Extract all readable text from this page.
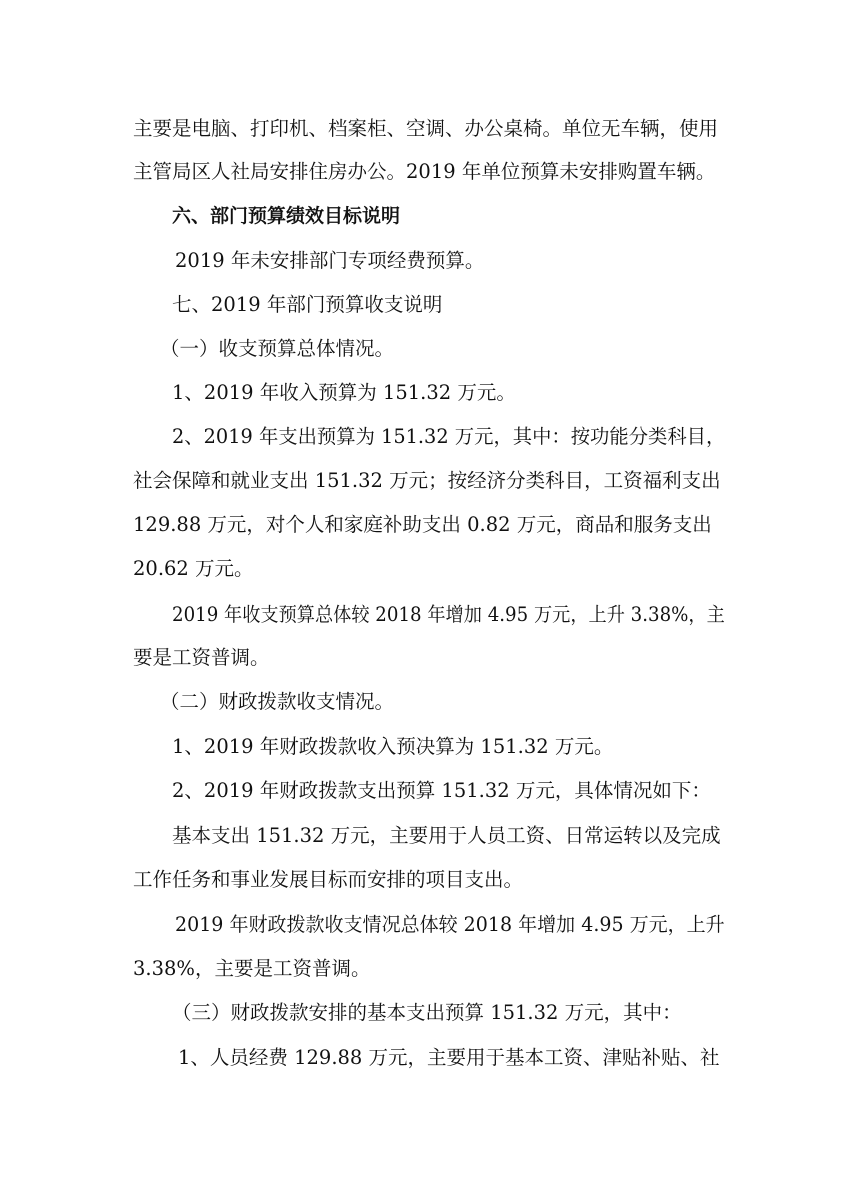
主要是电脑、打印机、档案柜、空调、办公桌椅。单位无车辆，使用

主管局区人社局安排住房办公。2019 年单位预算未安排购置车辆。

六、部门预算绩效目标说明

2019 年未安排部门专项经费预算。

七、2019 年部门预算收支说明

（一）收支预算总体情况。

1、2019 年收入预算为 151.32 万元。

2、2019 年支出预算为 151.32 万元，其中：按功能分类科目，

社会保障和就业支出 151.32 万元；按经济分类科目，工资福利支出

129.88 万元，对个人和家庭补助支出 0.82 万元，商品和服务支出

20.62 万元。

2019 年收支预算总体较 2018 年增加 4.95 万元，上升 3.38%，主

要是工资普调。

（二）财政拨款收支情况。

1、2019 年财政拨款收入预决算为 151.32 万元。

2、2019 年财政拨款支出预算 151.32 万元，具体情况如下：

基本支出 151.32 万元，主要用于人员工资、日常运转以及完成

工作任务和事业发展目标而安排的项目支出。

2019 年财政拨款收支情况总体较 2018 年增加 4.95 万元，上升

3.38%，主要是工资普调。

（三）财政拨款安排的基本支出预算 151.32 万元，其中：

1、人员经费 129.88 万元，主要用于基本工资、津贴补贴、社
